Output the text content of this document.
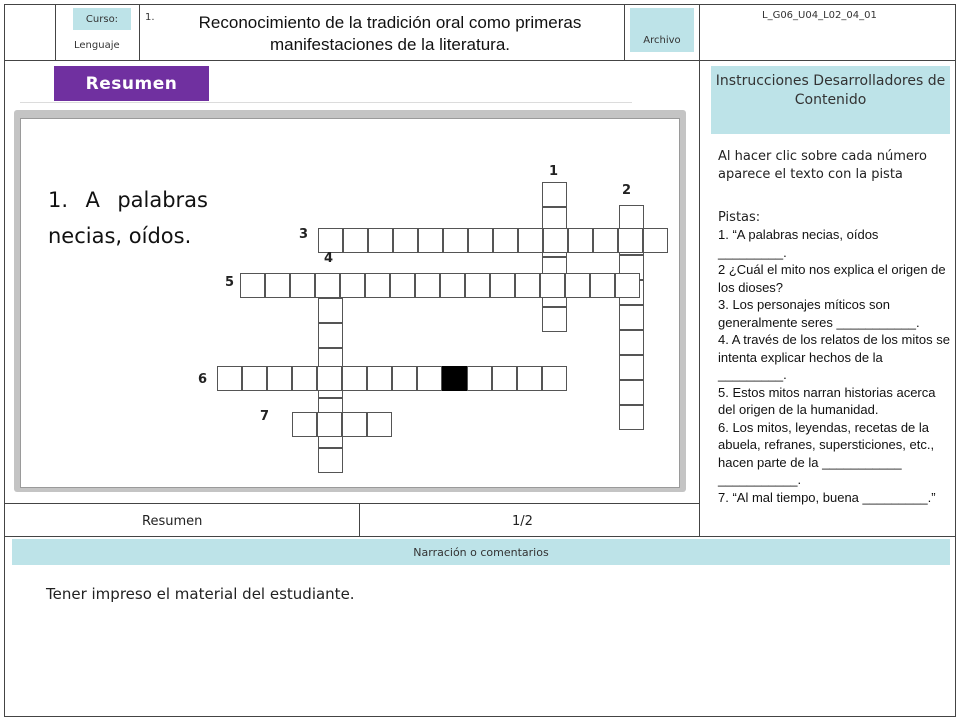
Curso:
Lenguaje
1.	Reconocimiento de la tradición oral como primeras
manifestaciones de la literatura.	Archivo
L_G06_U04_L02_04_01
Resumen
1. A palabras necias, oídos.
1
2
3
4
5
6
7
Instrucciones Desarrolladores de Contenido
Al hacer clic sobre cada número aparece el texto con la pista
Pistas:
1. “A palabras necias, oídos _________.
2 ¿Cuál el mito nos explica el origen de los dioses?
3. Los personajes míticos son generalmente seres ___________.
4. A través de los relatos de los mitos se intenta explicar hechos de la _________.
5. Estos mitos narran historias acerca del origen de la humanidad.
6. Los mitos, leyendas, recetas de la abuela, refranes, supersticiones, etc., hacen parte de la ___________ ___________.
7. “Al mal tiempo, buena _________.”
Resumen	1/2
Narración o comentarios
Tener impreso el material del estudiante.
